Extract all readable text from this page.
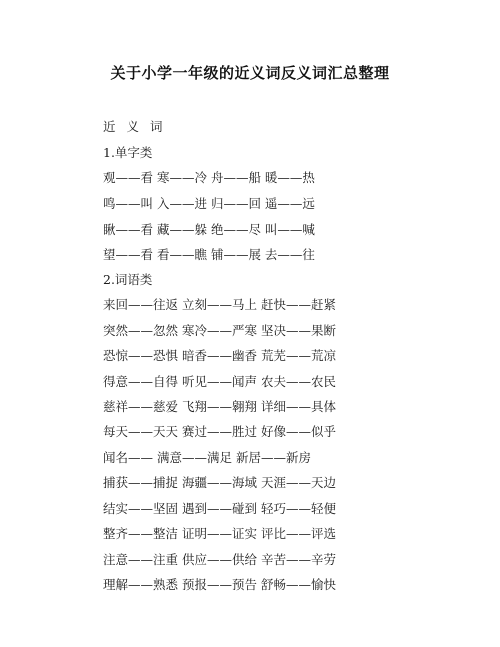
关于小学一年级的近义词反义词汇总整理
近义词
1.单字类
观——看 寒——冷 舟——船 暖——热
鸣——叫 入——进 归——回 遥——远
瞅——看 藏——躲 绝——尽 叫——喊
望——看 看——瞧 铺——展 去——往
2.词语类
来回——往返 立刻——马上 赶快——赶紧
突然——忽然 寒冷——严寒 坚决——果断
恐惊——恐惧 暗香——幽香 荒芜——荒凉
得意——自得 听见——闻声 农夫——农民
慈祥——慈爱 飞翔——翱翔 详细——具体
每天——天天 赛过——胜过 好像——似乎
闻名—— 满意——满足 新居——新房
捕获——捕捉 海疆——海域 天涯——天边
结实——坚固 遇到——碰到 轻巧——轻便
整齐——整洁 证明——证实 评比——评选
注意——注重 供应——供给 辛苦——辛劳
理解——熟悉 预报——预告 舒畅——愉快
